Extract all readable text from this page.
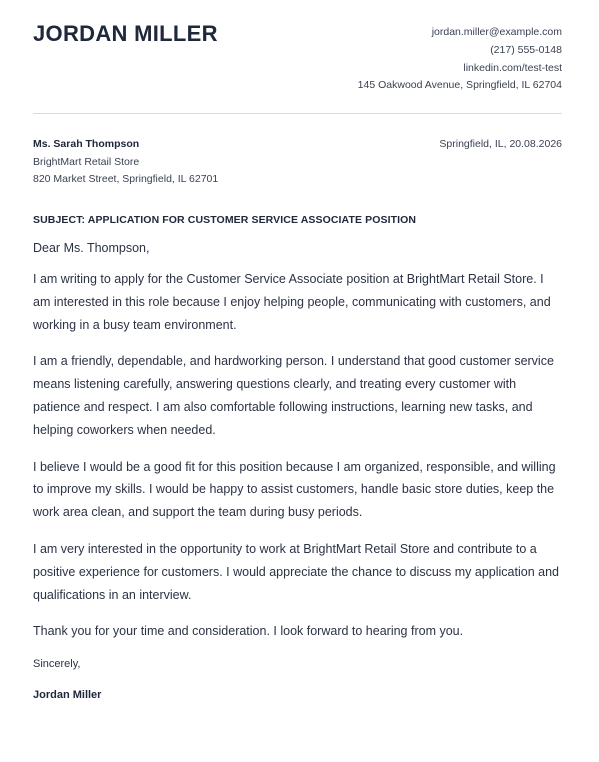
JORDAN MILLER	jordan.miller@example.com
(217) 555-0148
linkedin.com/test-test
145 Oakwood Avenue, Springfield, IL 62704
Ms. Sarah Thompson
BrightMart Retail Store
820 Market Street, Springfield, IL 62701
Springfield, IL, 20.08.2026
SUBJECT: APPLICATION FOR CUSTOMER SERVICE ASSOCIATE POSITION
Dear Ms. Thompson,

I am writing to apply for the Customer Service Associate position at BrightMart Retail Store. I am interested in this role because I enjoy helping people, communicating with customers, and working in a busy team environment.

I am a friendly, dependable, and hardworking person. I understand that good customer service means listening carefully, answering questions clearly, and treating every customer with patience and respect. I am also comfortable following instructions, learning new tasks, and helping coworkers when needed.

I believe I would be a good fit for this position because I am organized, responsible, and willing to improve my skills. I would be happy to assist customers, handle basic store duties, keep the work area clean, and support the team during busy periods.

I am very interested in the opportunity to work at BrightMart Retail Store and contribute to a positive experience for customers. I would appreciate the chance to discuss my application and qualifications in an interview.

Thank you for your time and consideration. I look forward to hearing from you.

Sincerely,
Jordan Miller
